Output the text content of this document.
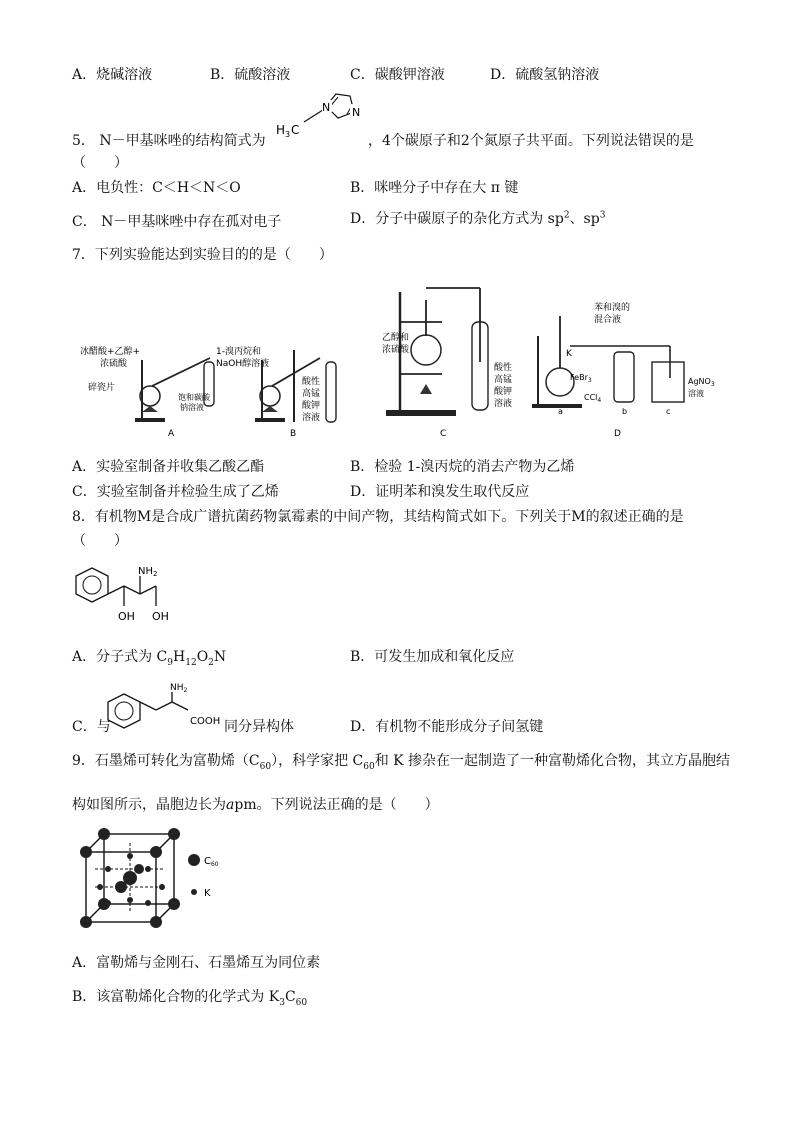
A．烧碱溶液	B．硫酸溶液	C．碳酸钾溶液	D．硫酸氢钠溶液
5． N－甲基咪唑的结构简式为
N N
H 3 C
，4个碳原子和2个氮原子共平面。下列说法错误的是
（　　）
A．电负性：C＜H＜N＜O	B．咪唑分子中存在大 π 键
C． N－甲基咪唑中存在孤对电子	D．分子中碳原子的杂化方式为 $sp^2$、$sp^3$
7．下列实验能达到实验目的的是（　　）
冰醋酸+乙醇+
浓硫酸
碎瓷片
饱和碳酸
钠溶液
A
1-溴丙烷和
NaOH醇溶液
酸性
高锰
酸钾
溶液
B
乙醇和
浓硫酸
酸性
高锰
酸钾
溶液
C
苯和溴的
混合液
K
FeBr$_3$
CCl$_4$
AgNO$_3$
溶液
a	b	c
D
A．实验室制备并收集乙酸乙酯	B．检验 1-溴丙烷的消去产物为乙烯
C．实验室制备并检验生成了乙烯	D．证明苯和溴发生取代反应
8．有机物M是合成广谱抗菌药物氯霉素的中间产物，其结构简式如下。下列关于M的叙述正确的是
（　　）
$NH_2$
OH OH
A．分子式为 $C_9H_{12}O_2N$	B．可发生加成和氧化反应
C．与
$NH_2$
COOH 同分异构体	D．有机物不能形成分子间氢键
9．石墨烯可转化为富勒烯$(C_{60})$，科学家把 $C_{60}$和 K 掺杂在一起制造了一种富勒烯化合物，其立方晶胞结
构如图所示，晶胞边长为apm。下列说法正确的是（　　）
$C_{60}$
K
A．富勒烯与金刚石、石墨烯互为同位素
B．该富勒烯化合物的化学式为 $K_3C_{60}$
